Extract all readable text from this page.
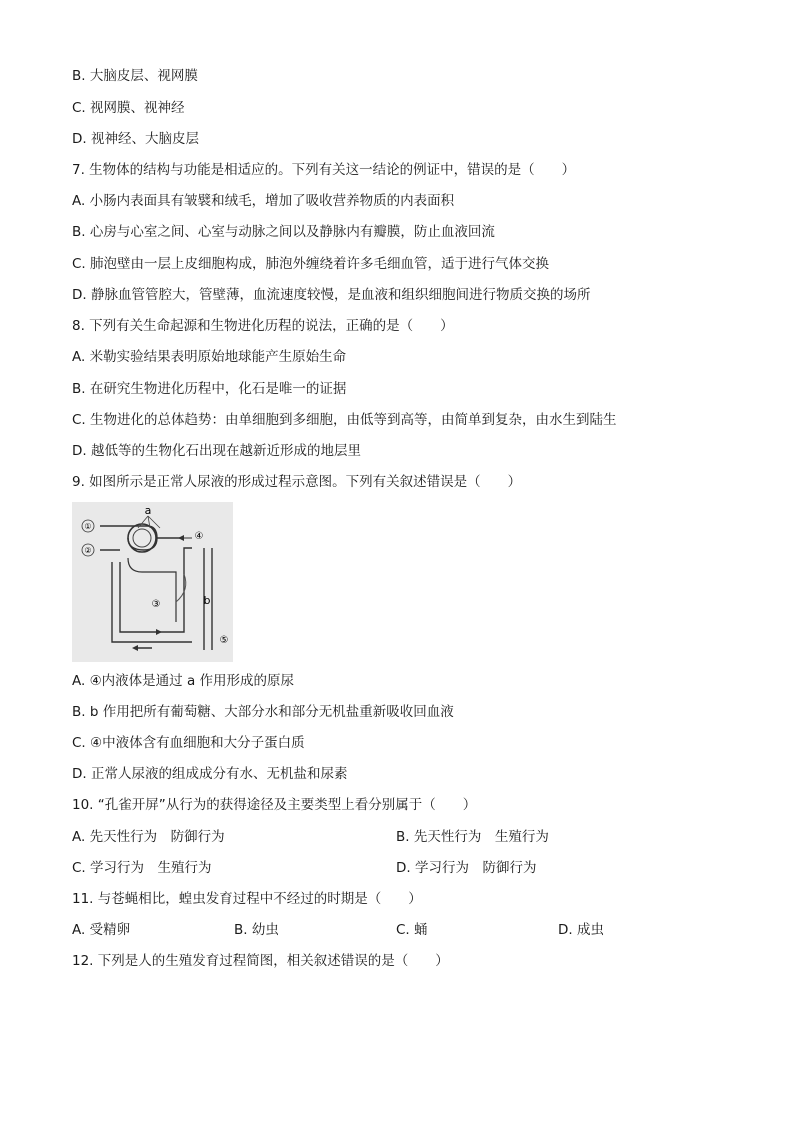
B. 大脑皮层、视网膜
C. 视网膜、视神经
D. 视神经、大脑皮层
7. 生物体的结构与功能是相适应的。下列有关这一结论的例证中，错误的是（　　）
A. 小肠内表面具有皱襞和绒毛，增加了吸收营养物质的内表面积
B. 心房与心室之间、心室与动脉之间以及静脉内有瓣膜，防止血液回流
C. 肺泡壁由一层上皮细胞构成，肺泡外缠绕着许多毛细血管，适于进行气体交换
D. 静脉血管管腔大，管壁薄，血流速度较慢，是血液和组织细胞间进行物质交换的场所
8. 下列有关生命起源和生物进化历程的说法，正确的是（　　）
A. 米勒实验结果表明原始地球能产生原始生命
B. 在研究生物进化历程中，化石是唯一的证据
C. 生物进化的总体趋势：由单细胞到多细胞，由低等到高等，由简单到复杂，由水生到陆生
D. 越低等的生物化石出现在越新近形成的地层里
9. 如图所示是正常人尿液的形成过程示意图。下列有关叙述错误是（　　）
①
②
③
④
⑤
a
b
A. ④内液体是通过 a 作用形成的原尿
B. b 作用把所有葡萄糖、大部分水和部分无机盐重新吸收回血液
C. ④中液体含有血细胞和大分子蛋白质
D. 正常人尿液的组成成分有水、无机盐和尿素
10. “孔雀开屏”从行为的获得途径及主要类型上看分别属于（　　）
A. 先天性行为　防御行为	B. 先天性行为　生殖行为
C. 学习行为　生殖行为	D. 学习行为　防御行为
11. 与苍蝇相比，蝗虫发育过程中不经过的时期是（　　）
A. 受精卵	B. 幼虫	C. 蛹	D. 成虫
12. 下列是人的生殖发育过程简图，相关叙述错误的是（　　）
